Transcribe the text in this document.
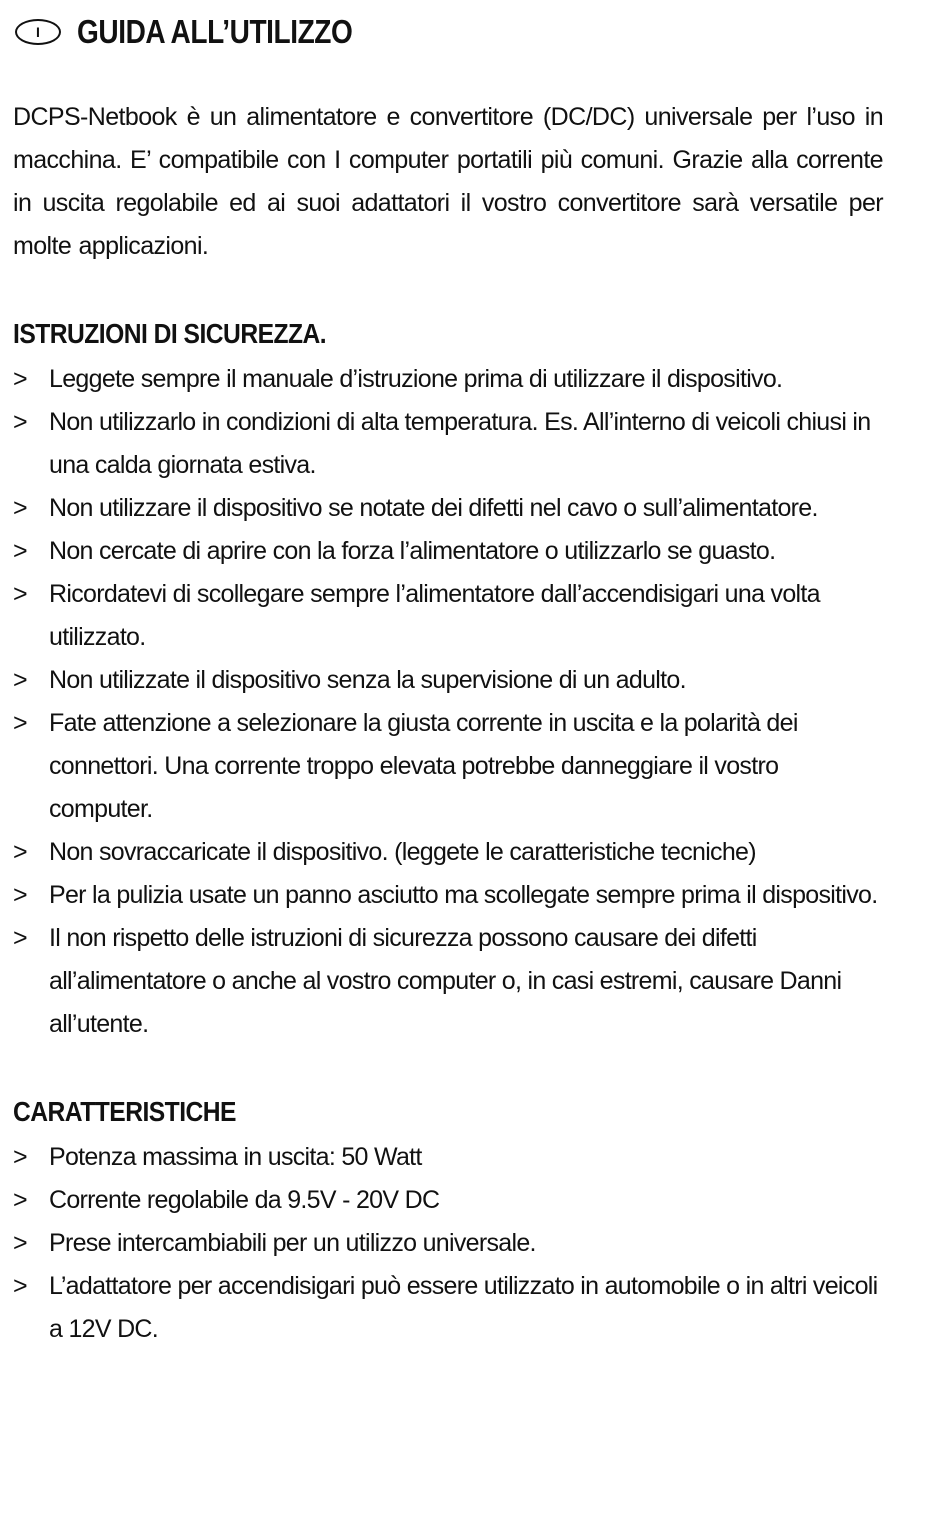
I	GUIDA ALL’UTILIZZO

DCPS-Netbook è un alimentatore e convertitore (DC/DC) universale per l’uso in macchina. E’ compatibile con I computer portatili più comuni. Grazie alla corrente in uscita regolabile ed ai suoi adattatori il vostro convertitore sarà versatile per molte applicazioni.

ISTRUZIONI DI SICUREZZA.
> Leggete sempre il manuale d’istruzione prima di utilizzare il dispositivo.
> Non utilizzarlo in condizioni di alta temperatura. Es. All’interno di veicoli chiusi in una calda giornata estiva.
> Non utilizzare il dispositivo se notate dei difetti nel cavo o sull’alimentatore.
> Non cercate di aprire con la forza l’alimentatore o utilizzarlo se guasto.
> Ricordatevi di scollegare sempre l’alimentatore dall’accendisigari una volta utilizzato.
> Non utilizzate il dispositivo senza la supervisione di un adulto.
> Fate attenzione a selezionare la giusta corrente in uscita e la polarità dei connettori. Una corrente troppo elevata potrebbe danneggiare il vostro computer.
> Non sovraccaricate il dispositivo. (leggete le caratteristiche tecniche)
> Per la pulizia usate un panno asciutto ma scollegate sempre prima il dispositivo.
> Il non rispetto delle istruzioni di sicurezza possono causare dei difetti all’alimentatore o anche al vostro computer o, in casi estremi, causare Danni all’utente.
CARATTERISTICHE
> Potenza massima in uscita: 50 Watt
> Corrente regolabile da 9.5V - 20V DC
> Prese intercambiabili per un utilizzo universale.
> L’adattatore per accendisigari può essere utilizzato in automobile o in altri veicoli a 12V DC.
